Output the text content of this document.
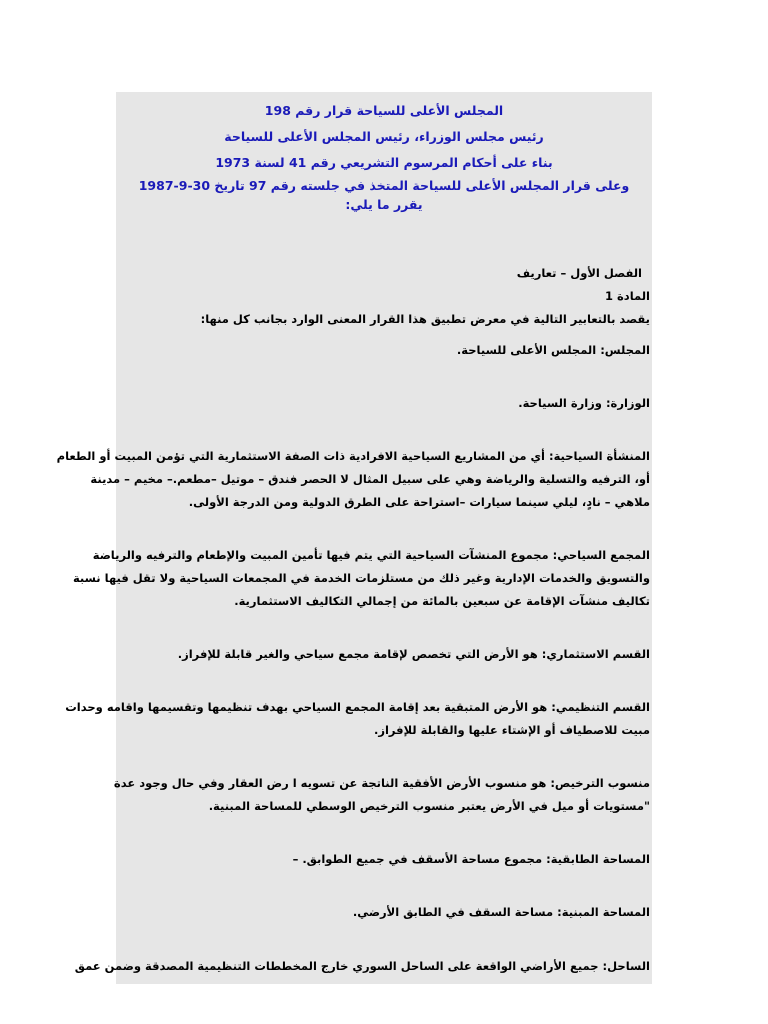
المجلس الأعلى للسياحة قرار رقم 198
رئيس مجلس الوزراء، رئيس المجلس الأعلى للسياحة
بناء على أحكام المرسوم التشريعي رقم 41 لسنة 1973
وعلى قرار المجلس الأعلى للسياحة المتخذ في جلسته رقم 97 تاريخ 30-9-1987
يقرر ما يلي:
الفصل الأول – تعاريف
المادة 1
يقصد بالتعابير التالية في معرض تطبيق هذا القرار المعنى الوارد بجانب كل منها:
المجلس: المجلس الأعلى للسياحة.
الوزارة: وزارة السياحة.
المنشأة السياحية: أي من المشاريع السياحية الافرادية ذات الصفة الاستثمارية التي تؤمن المبيت أو الطعام
أو، الترفيه والتسلية والرياضة وهي على سبيل المثال لا الحصر فندق – موتيل –مطعم.– مخيم – مدينة
ملاهي – نادٍ، ليلي سينما سيارات –استراحة على الطرق الدولية ومن الدرجة الأولى.
المجمع السياحي: مجموع المنشآت السياحية التي يتم فيها تأمين المبيت والإطعام والترفيه والرياضة
والتسويق والخدمات الإدارية وغير ذلك من مستلزمات الخدمة في المجمعات السياحية ولا تقل فيها نسبة
تكاليف منشآت الإقامة عن سبعين بالمائة من إجمالي التكاليف الاستثمارية.
القسم الاستثماري: هو الأرض التي تخصص لإقامة مجمع سياحي والغير قابلة للإفراز.
القسم التنظيمي: هو الأرض المتبقية بعد إقامة المجمع السياحي بهدف تنظيمها وتقسيمها واقامه وحدات
مبيت للاصطياف أو الإشتاء عليها والقابلة للإفراز.
منسوب الترخيص: هو منسوب الأرض الأفقية الناتجة عن تسويه ا رض العقار وفي حال وجود عدة
"مستويات أو ميل في الأرض يعتبر منسوب الترخيص الوسطي للمساحة المبنية.
المساحة الطابقية: مجموع مساحة الأسقف في جميع الطوابق. –
المساحة المبنية: مساحة السقف في الطابق الأرضي.
الساحل: جميع الأراضي الواقعة على الساحل السوري خارج المخططات التنظيمية المصدقة وضمن عمق
